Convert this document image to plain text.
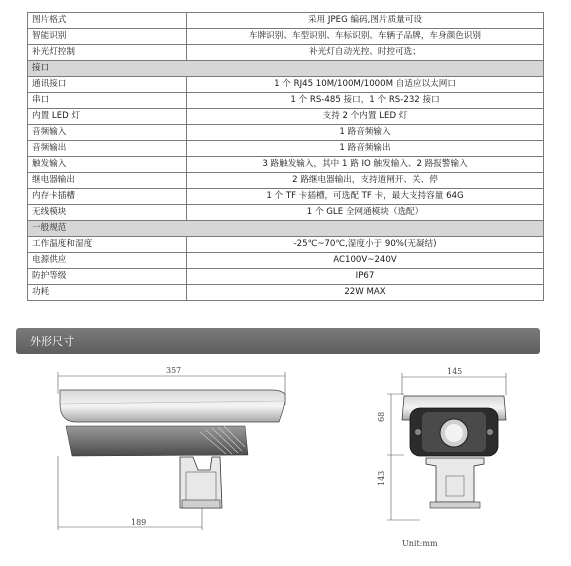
图片格式	采用 JPEG 编码,图片质量可设
智能识别	车牌识别、车型识别、车标识别、车辆子品牌，车身颜色识别
补光灯控制	补光灯自动光控、时控可选；
接口	
通讯接口	1 个 RJ45 10M/100M/1000M 自适应以太网口
串口	1 个 RS-485 接口，1 个 RS-232 接口
内置 LED 灯	支持 2 个内置 LED 灯
音频输入	1 路音频输入
音频输出	1 路音频输出
触发输入	3 路触发输入，其中 1 路 IO 触发输入、2 路报警输入
继电器输出	2 路继电器输出，支持道闸开、关、停
内存卡插槽	1 个 TF 卡插槽，可选配 TF 卡，最大支持容量 64G
无线模块	1 个 GLE 全网通模块（选配）
一般规范	
工作温度和湿度	-25℃~70℃,湿度小于 90%(无凝结)
电源供应	AC100V~240V
防护等级	IP67
功耗	22W MAX
外形尺寸
357
189
145
68
143
Unit:mm
